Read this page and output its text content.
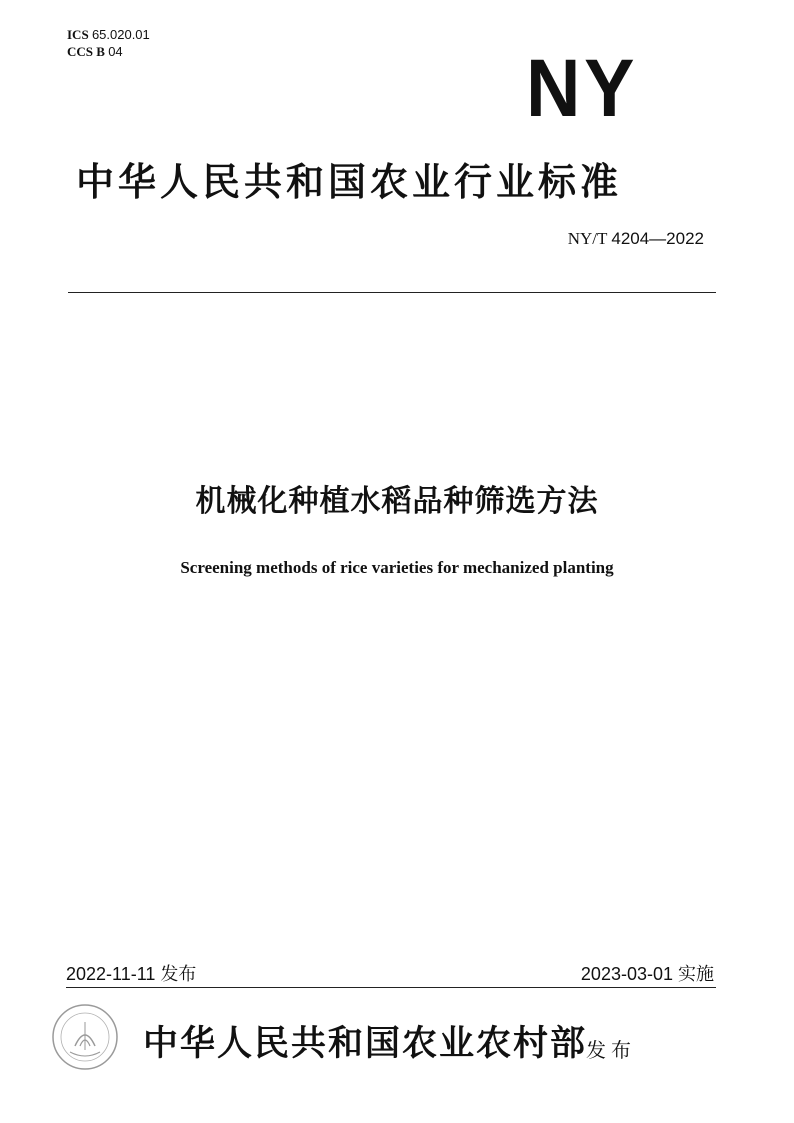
ICS 65.020.01
CCS B 04	NY
中华人民共和国农业行业标准
NY/T 4204—2022
机械化种植水稻品种筛选方法
Screening methods of rice varieties for mechanized planting
2022-11-11 发布	2023-03-01 实施
中华人民共和国农业农村部
发布
